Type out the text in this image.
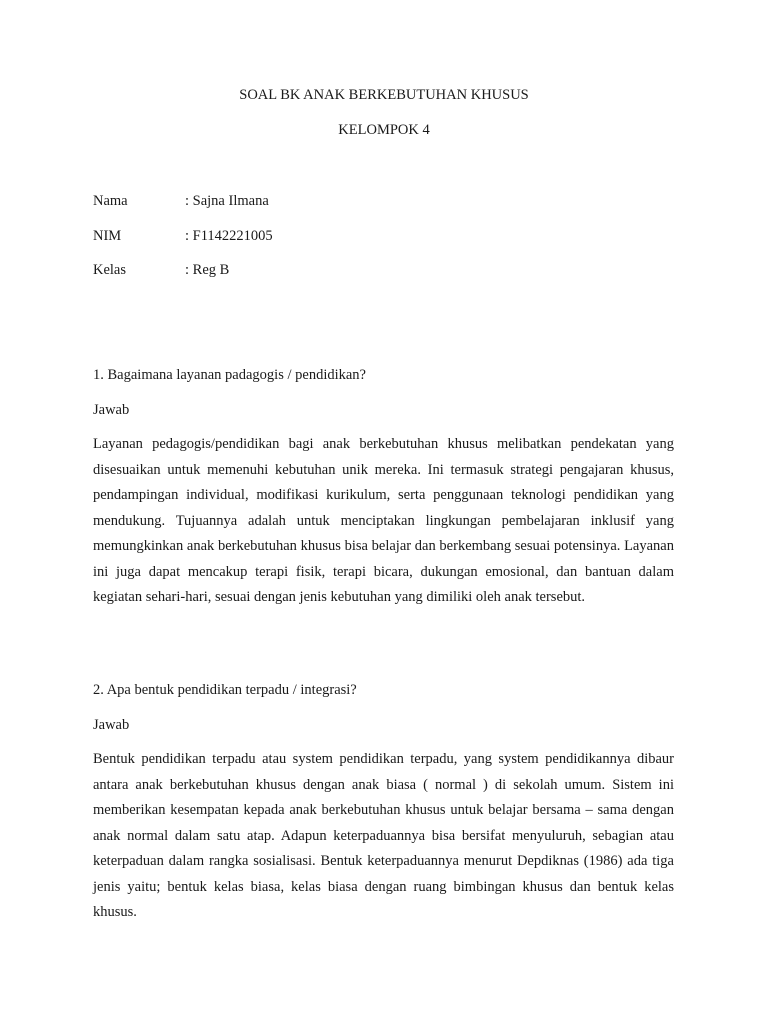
SOAL BK ANAK BERKEBUTUHAN KHUSUS
KELOMPOK 4
Nama	: Sajna Ilmana
NIM	: F1142221005
Kelas	: Reg B
1. Bagaimana layanan padagogis / pendidikan?
Jawab
Layanan pedagogis/pendidikan bagi anak berkebutuhan khusus melibatkan pendekatan yang disesuaikan untuk memenuhi kebutuhan unik mereka. Ini termasuk strategi pengajaran khusus, pendampingan individual, modifikasi kurikulum, serta penggunaan teknologi pendidikan yang mendukung. Tujuannya adalah untuk menciptakan lingkungan pembelajaran inklusif yang memungkinkan anak berkebutuhan khusus bisa belajar dan berkembang sesuai potensinya. Layanan ini juga dapat mencakup terapi fisik, terapi bicara, dukungan emosional, dan bantuan dalam kegiatan sehari-hari, sesuai dengan jenis kebutuhan yang dimiliki oleh anak tersebut.
2. Apa bentuk pendidikan terpadu / integrasi?
Jawab
Bentuk pendidikan terpadu atau system pendidikan terpadu, yang system pendidikannya dibaur antara anak berkebutuhan khusus dengan anak biasa ( normal ) di sekolah umum. Sistem ini memberikan kesempatan kepada anak berkebutuhan khusus untuk belajar bersama – sama dengan anak normal dalam satu atap. Adapun keterpaduannya bisa bersifat menyuluruh, sebagian atau keterpaduan dalam rangka sosialisasi. Bentuk keterpaduannya menurut Depdiknas (1986) ada tiga jenis yaitu; bentuk kelas biasa, kelas biasa dengan ruang bimbingan khusus dan bentuk kelas khusus.
